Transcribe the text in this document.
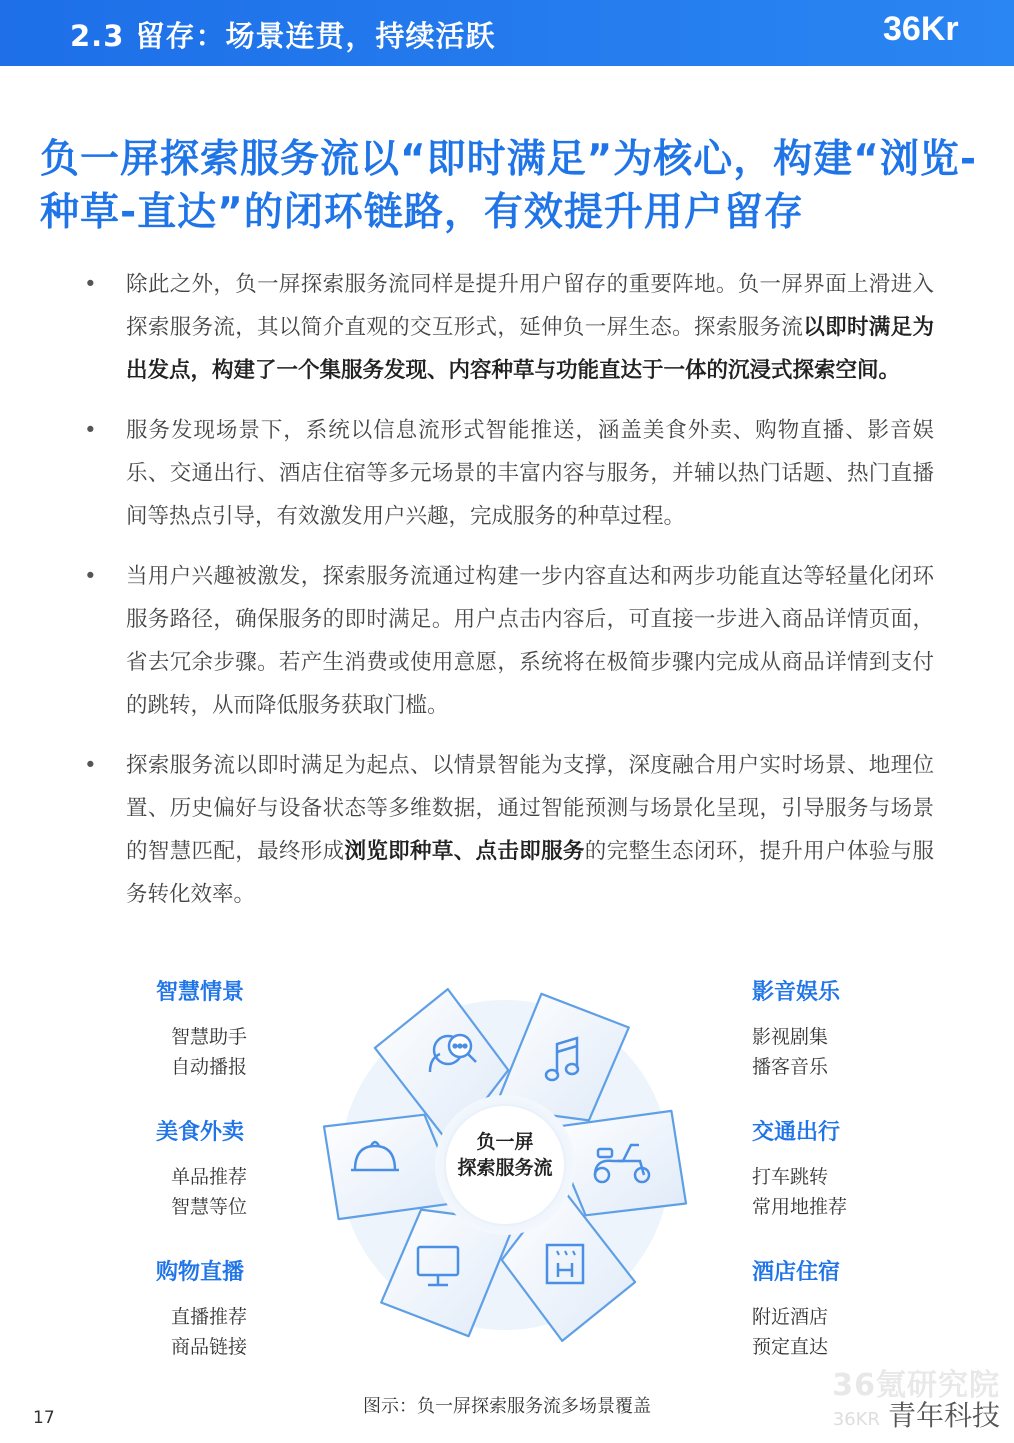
2.3 留存：场景连贯，持续活跃	36Kr
负一屏探索服务流以“即时满足”为核心，构建“浏览-种草-直达”的闭环链路，有效提升用户留存
• 除此之外，负一屏探索服务流同样是提升用户留存的重要阵地。负一屏界面上滑进入探索服务流，其以简介直观的交互形式，延伸负一屏生态。探索服务流以即时满足为出发点，构建了一个集服务发现、内容种草与功能直达于一体的沉浸式探索空间。
• 服务发现场景下，系统以信息流形式智能推送，涵盖美食外卖、购物直播、影音娱乐、交通出行、酒店住宿等多元场景的丰富内容与服务，并辅以热门话题、热门直播间等热点引导，有效激发用户兴趣，完成服务的种草过程。
• 当用户兴趣被激发，探索服务流通过构建一步内容直达和两步功能直达等轻量化闭环服务路径，确保服务的即时满足。用户点击内容后，可直接一步进入商品详情页面，省去冗余步骤。若产生消费或使用意愿，系统将在极简步骤内完成从商品详情到支付的跳转，从而降低服务获取门槛。
• 探索服务流以即时满足为起点、以情景智能为支撑，深度融合用户实时场景、地理位置、历史偏好与设备状态等多维数据，通过智能预测与场景化呈现，引导服务与场景的智慧匹配，最终形成浏览即种草、点击即服务的完整生态闭环，提升用户体验与服务转化效率。
智慧情景
智慧助手
自动播报
美食外卖
单品推荐
智慧等位
购物直播
直播推荐
商品链接
影音娱乐
影视剧集
播客音乐
交通出行
打车跳转
常用地推荐
酒店住宿
附近酒店
预定直达
负一屏
探索服务流
图示：负一屏探索服务流多场景覆盖
17
36氪研究院
36KR 青年科技
